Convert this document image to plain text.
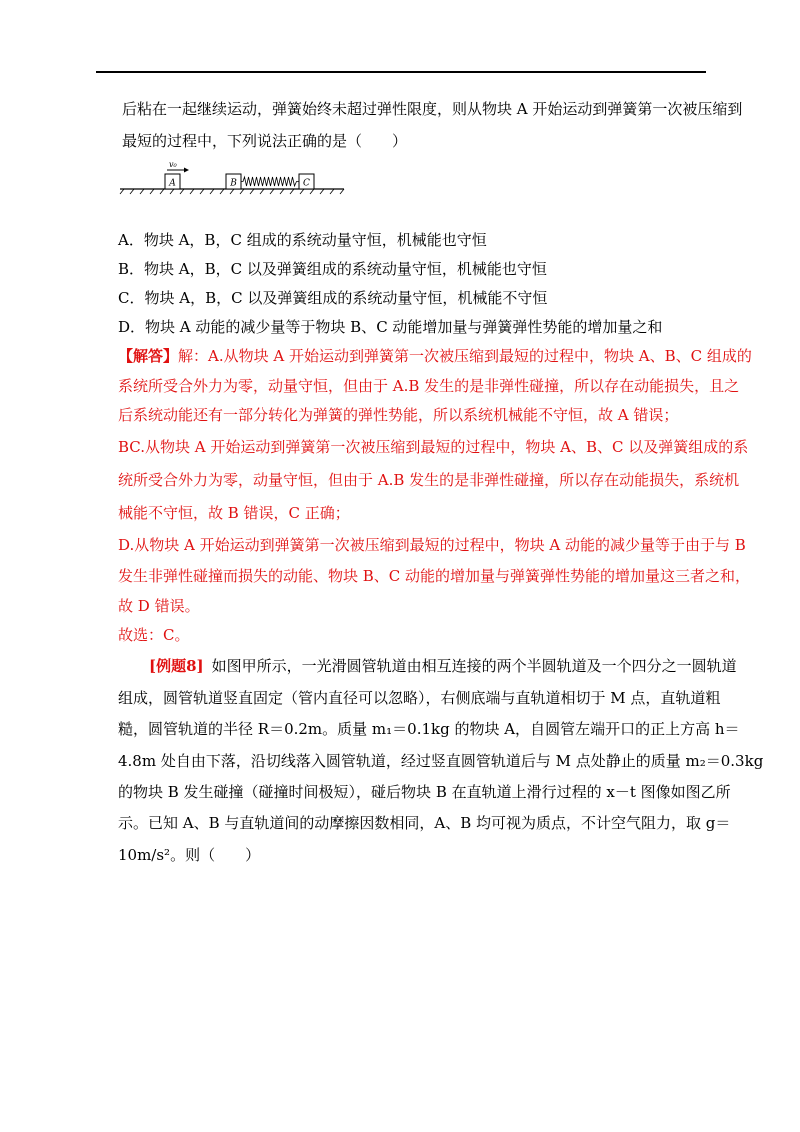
后粘在一起继续运动，弹簧始终未超过弹性限度，则从物块 A 开始运动到弹簧第一次被压缩到
最短的过程中，下列说法正确的是（　　）
v₀
A	B	C
A．物块 A，B，C 组成的系统动量守恒，机械能也守恒
B．物块 A，B，C 以及弹簧组成的系统动量守恒，机械能也守恒
C．物块 A，B，C 以及弹簧组成的系统动量守恒，机械能不守恒
D．物块 A 动能的减少量等于物块 B、C 动能增加量与弹簧弹性势能的增加量之和
【解答】解：A.从物块 A 开始运动到弹簧第一次被压缩到最短的过程中，物块 A、B、C 组成的
系统所受合外力为零，动量守恒，但由于 A.B 发生的是非弹性碰撞，所以存在动能损失，且之
后系统动能还有一部分转化为弹簧的弹性势能，所以系统机械能不守恒，故 A 错误；
BC.从物块 A 开始运动到弹簧第一次被压缩到最短的过程中，物块 A、B、C 以及弹簧组成的系
统所受合外力为零，动量守恒，但由于 A.B 发生的是非弹性碰撞，所以存在动能损失，系统机
械能不守恒，故 B 错误，C 正确；
D.从物块 A 开始运动到弹簧第一次被压缩到最短的过程中，物块 A 动能的减少量等于由于与 B
发生非弹性碰撞而损失的动能、物块 B、C 动能的增加量与弹簧弹性势能的增加量这三者之和，
故 D 错误。
故选：C。
[例题8] 如图甲所示，一光滑圆管轨道由相互连接的两个半圆轨道及一个四分之一圆轨道
组成，圆管轨道竖直固定（管内直径可以忽略），右侧底端与直轨道相切于 M 点，直轨道粗
糙，圆管轨道的半径 R＝0.2m。质量 m₁＝0.1kg 的物块 A，自圆管左端开口的正上方高 h＝
4.8m 处自由下落，沿切线落入圆管轨道，经过竖直圆管轨道后与 M 点处静止的质量 m₂＝0.3kg
的物块 B 发生碰撞（碰撞时间极短），碰后物块 B 在直轨道上滑行过程的 x－t 图像如图乙所
示。已知 A、B 与直轨道间的动摩擦因数相同，A、B 均可视为质点，不计空气阻力，取 g＝
10m/s²。则（　　）
